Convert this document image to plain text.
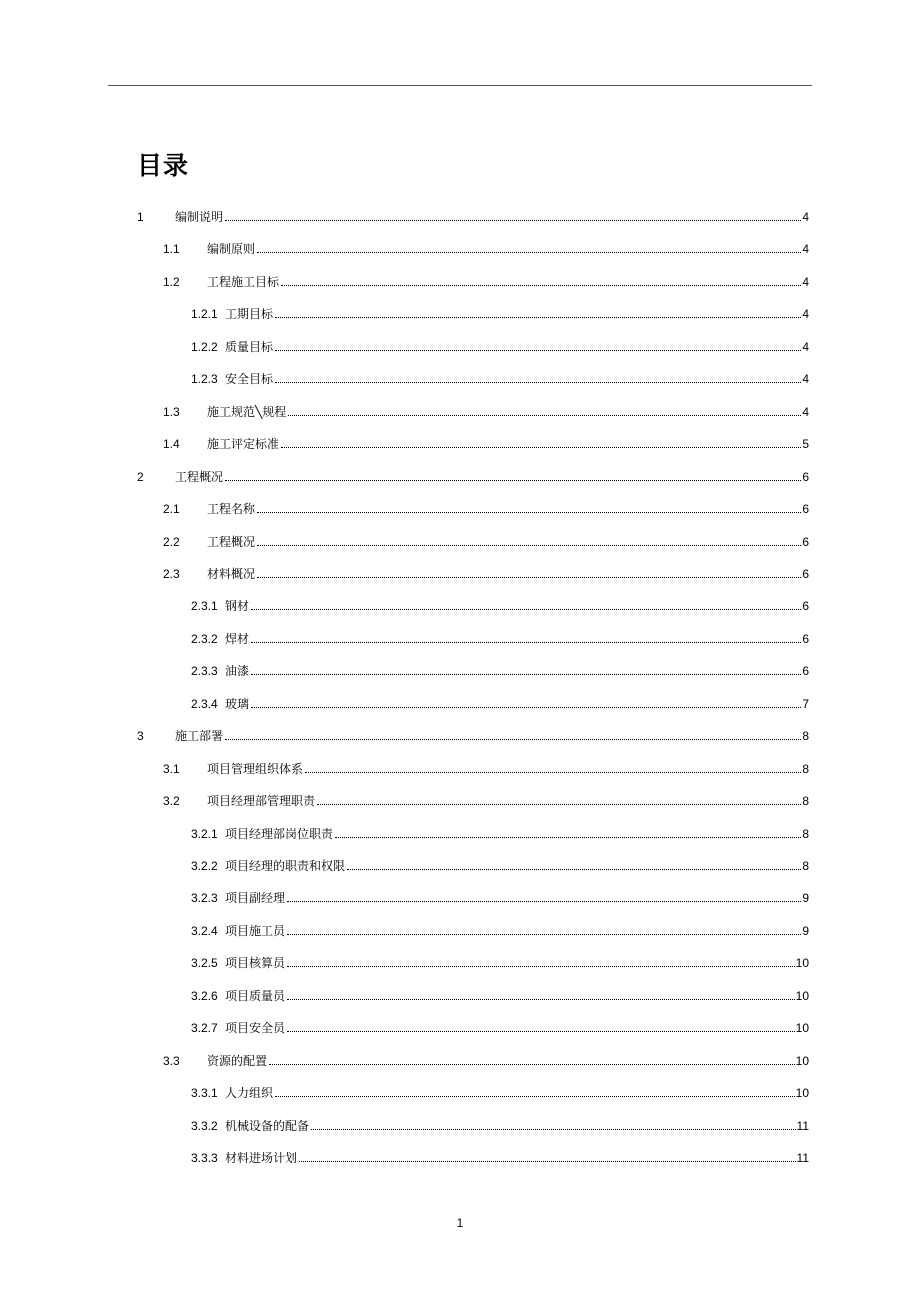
目录
1	编制说明	4
1.1	编制原则	4
1.2	工程施工目标	4
1.2.1 工期目标	4
1.2.2 质量目标	4
1.2.3 安全目标	4
1.3	施工规范╲规程	4
1.4	施工评定标准	5
2	工程概况	6
2.1	工程名称	6
2.2	工程概况	6
2.3	材料概况	6
2.3.1 钢材	6
2.3.2 焊材	6
2.3.3 油漆	6
2.3.4 玻璃	7
3	施工部署	8
3.1	项目管理组织体系	8
3.2	项目经理部管理职责	8
3.2.1 项目经理部岗位职责	8
3.2.2 项目经理的职责和权限	8
3.2.3 项目副经理	9
3.2.4 项目施工员	9
3.2.5 项目核算员	10
3.2.6 项目质量员	10
3.2.7 项目安全员	10
3.3	资源的配置	10
3.3.1 人力组织	10
3.3.2 机械设备的配备	11
3.3.3 材料进场计划	11
1
